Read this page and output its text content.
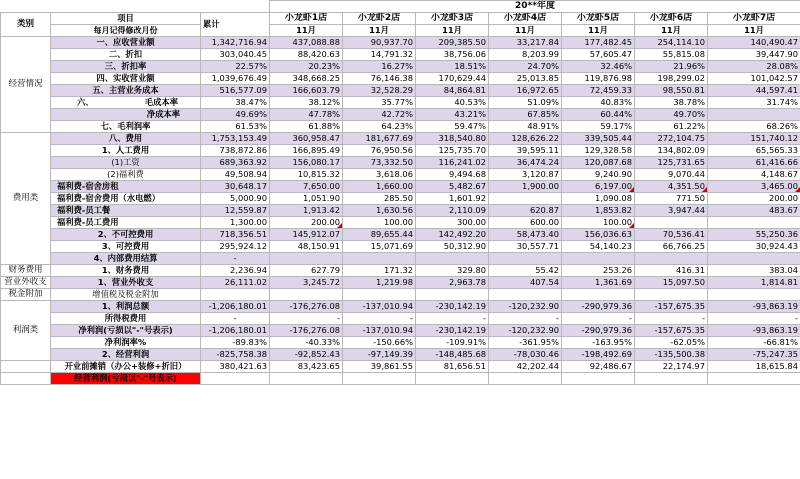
			20**年度						
类别	项目	累计	小龙虾1店	小龙虾2店	小龙虾3店	小龙虾4店	小龙虾5店	小龙虾6店	小龙虾7店
	每月记得修改月份		11月	11月	11月	11月	11月	11月	11月
经营情况	一、应收营业额	1,342,716.94	437,088.88	90,937.70	209,385.50	33,217.84	177,482.45	254,114.10	140,490.47
	二、折扣	303,040.45	88,420.63	14,791.32	38,756.06	8,203.99	57,605.47	55,815.08	39,447.90
	三、折扣率	22.57%	20.23%	16.27%	18.51%	24.70%	32.46%	21.96%	28.08%
	四、实收营业额	1,039,676.49	348,668.25	76,146.38	170,629.44	25,013.85	119,876.98	198,299.02	101,042.57
	五、主营业务成本	516,577.09	166,603.79	32,528.29	84,864.81	16,972.65	72,459.33	98,550.81	44,597.41
	六、 毛成本率	38.47%	38.12%	35.77%	40.53%	51.09%	40.83%	38.78%	31.74%
	净成本率	49.69%	47.78%	42.72%	43.21%	67.85%	60.44%	49.70%	
	七、毛利润率	61.53%	61.88%	64.23%	59.47%	48.91%	59.17%	61.22%	68.26%
费用类	八、费用	1,753,153.49	360,958.47	181,677.69	318,540.80	128,626.22	339,505.44	272,104.75	151,740.12
	1、人工费用	738,872.86	166,895.49	76,950.56	125,735.70	39,595.11	129,328.58	134,802.09	65,565.33
	(1)工资	689,363.92	156,080.17	73,332.50	116,241.02	36,474.24	120,087.68	125,731.65	61,416.66
	(2)福利费	49,508.94	10,815.32	3,618.06	9,494.68	3,120.87	9,240.90	9,070.44	4,148.67
	福利费-宿舍房租	30,648.17	7,650.00	1,660.00	5,482.67	1,900.00	6,197.00	4,351.50	3,465.00
	福利费-宿舍费用（水电燃）	5,000.90	1,051.90	285.50	1,601.92		1,090.08	771.50	200.00
	福利费-员工餐	12,559.87	1,913.42	1,630.56	2,110.09	620.87	1,853.82	3,947.44	483.67
	福利费-员工费用	1,300.00	200.00	100.00	300.00	600.00	100.00		
	2、不可控费用	718,356.51	145,912.07	89,655.44	142,492.20	58,473.40	156,036.63	70,536.41	55,250.36
	3、可控费用	295,924.12	48,150.91	15,071.69	50,312.90	30,557.71	54,140.23	66,766.25	30,924.43
	4、内部费用结算	-							
财务费用	1、财务费用	2,236.94	627.79	171.32	329.80	55.42	253.26	416.31	383.04
营业外收支	1、营业外收支	26,111.02	3,245.72	1,219.98	2,963.78	407.54	1,361.69	15,097.50	1,814.81
税金附加	增值税及税金附加								
利润类	1、利润总额	-1,206,180.01	-176,276.08	-137,010.94	-230,142.19	-120,232.90	-290,979.36	-157,675.35	-93,863.19
	所得税费用	-	-	-	-	-	-	-	-
	净利润(亏损以"-"号表示)	-1,206,180.01	-176,276.08	-137,010.94	-230,142.19	-120,232.90	-290,979.36	-157,675.35	-93,863.19
	净利润率%	-89.83%	-40.33%	-150.66%	-109.91%	-361.95%	-163.95%	-62.05%	-66.81%
	2、经营利润	-825,758.38	-92,852.43	-97,149.39	-148,485.68	-78,030.46	-198,492.69	-135,500.38	-75,247.35
	开业前摊销（办公+装修+折旧）	380,421.63	83,423.65	39,861.55	81,656.51	42,202.44	92,486.67	22,174.97	18,615.84
	经营利润(亏损以"-"号表示)								
